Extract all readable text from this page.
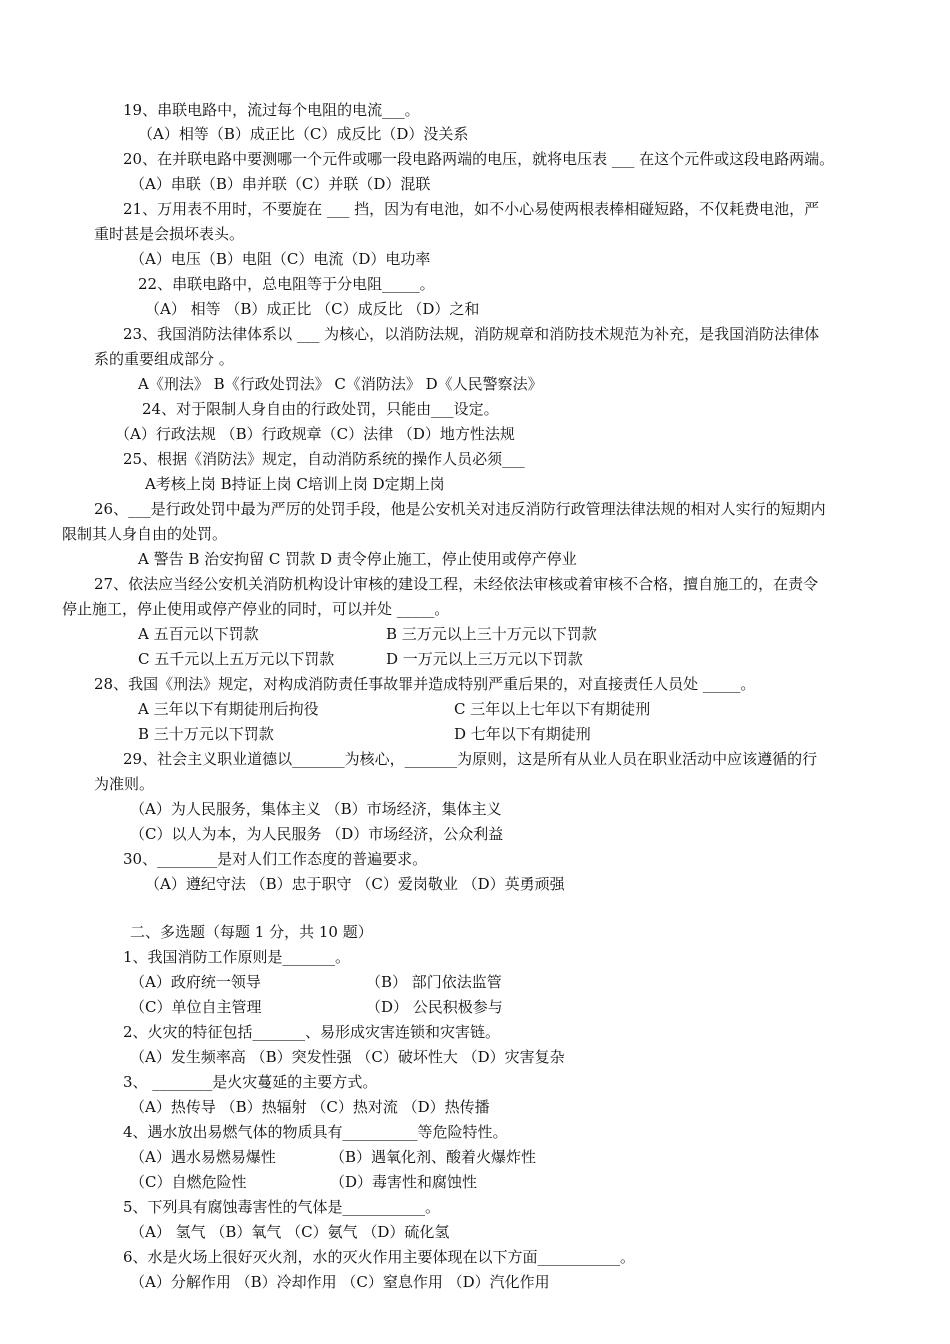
19、串联电路中，流过每个电阻的电流___。
（A）相等（B）成正比（C）成反比（D）没关系
20、在并联电路中要测哪一个元件或哪一段电路两端的电压，就将电压表 ___ 在这个元件或这段电路两端。
（A）串联（B）串并联（C）并联（D）混联
21、万用表不用时，不要旋在 ___ 挡，因为有电池，如不小心易使两根表棒相碰短路，不仅耗费电池，严
重时甚是会损坏表头。
（A）电压（B）电阻（C）电流（D）电功率
22、串联电路中，总电阻等于分电阻_____。
（A） 相等 （B）成正比 （C）成反比 （D）之和
23、我国消防法律体系以 ___ 为核心，以消防法规，消防规章和消防技术规范为补充，是我国消防法律体
系的重要组成部分 。
A《刑法》 B《行政处罚法》 C《消防法》 D《人民警察法》
24、对于限制人身自由的行政处罚，只能由___设定。
（A）行政法规 （B）行政规章（C）法律 （D）地方性法规
25、根据《消防法》规定，自动消防系统的操作人员必须___
A考核上岗 B持证上岗 C培训上岗 D定期上岗
26、___是行政处罚中最为严厉的处罚手段，他是公安机关对违反消防行政管理法律法规的相对人实行的短期内
限制其人身自由的处罚。
A 警告 B 治安拘留 C 罚款 D 责令停止施工，停止使用或停产停业
27、依法应当经公安机关消防机构设计审核的建设工程，未经依法审核或着审核不合格，擅自施工的，在责令
停止施工，停止使用或停产停业的同时，可以并处 _____。
A 五百元以下罚款	B 三万元以上三十万元以下罚款
C 五千元以上五万元以下罚款	D 一万元以上三万元以下罚款
28、我国《刑法》规定，对构成消防责任事故罪并造成特别严重后果的，对直接责任人员处 _____。
A 三年以下有期徒刑后拘役	C 三年以上七年以下有期徒刑
B 三十万元以下罚款	D 七年以下有期徒刑
29、社会主义职业道德以_______为核心，_______为原则，这是所有从业人员在职业活动中应该遵循的行
为准则。
（A）为人民服务，集体主义 （B）市场经济，集体主义
（C）以人为本，为人民服务 （D）市场经济，公众利益
30、________是对人们工作态度的普遍要求。
（A）遵纪守法 （B）忠于职守 （C）爱岗敬业 （D）英勇顽强
二、多选题（每题 1 分，共 10 题）
1、我国消防工作原则是_______。
（A）政府统一领导	（B） 部门依法监管
（C）单位自主管理	（D） 公民积极参与
2、火灾的特征包括_______、易形成灾害连锁和灾害链。
（A）发生频率高 （B）突发性强 （C）破坏性大 （D）灾害复杂
3、 ________是火灾蔓延的主要方式。
（A）热传导 （B）热辐射 （C）热对流 （D）热传播
4、遇水放出易燃气体的物质具有__________等危险特性。
（A）遇水易燃易爆性	（B）遇氧化剂、酸着火爆炸性
（C）自燃危险性	（D）毒害性和腐蚀性
5、下列具有腐蚀毒害性的气体是___________。
（A） 氢气 （B）氧气 （C）氨气 （D）硫化氢
6、水是火场上很好灭火剂，水的灭火作用主要体现在以下方面___________。
（A）分解作用 （B）冷却作用 （C）窒息作用 （D）汽化作用
